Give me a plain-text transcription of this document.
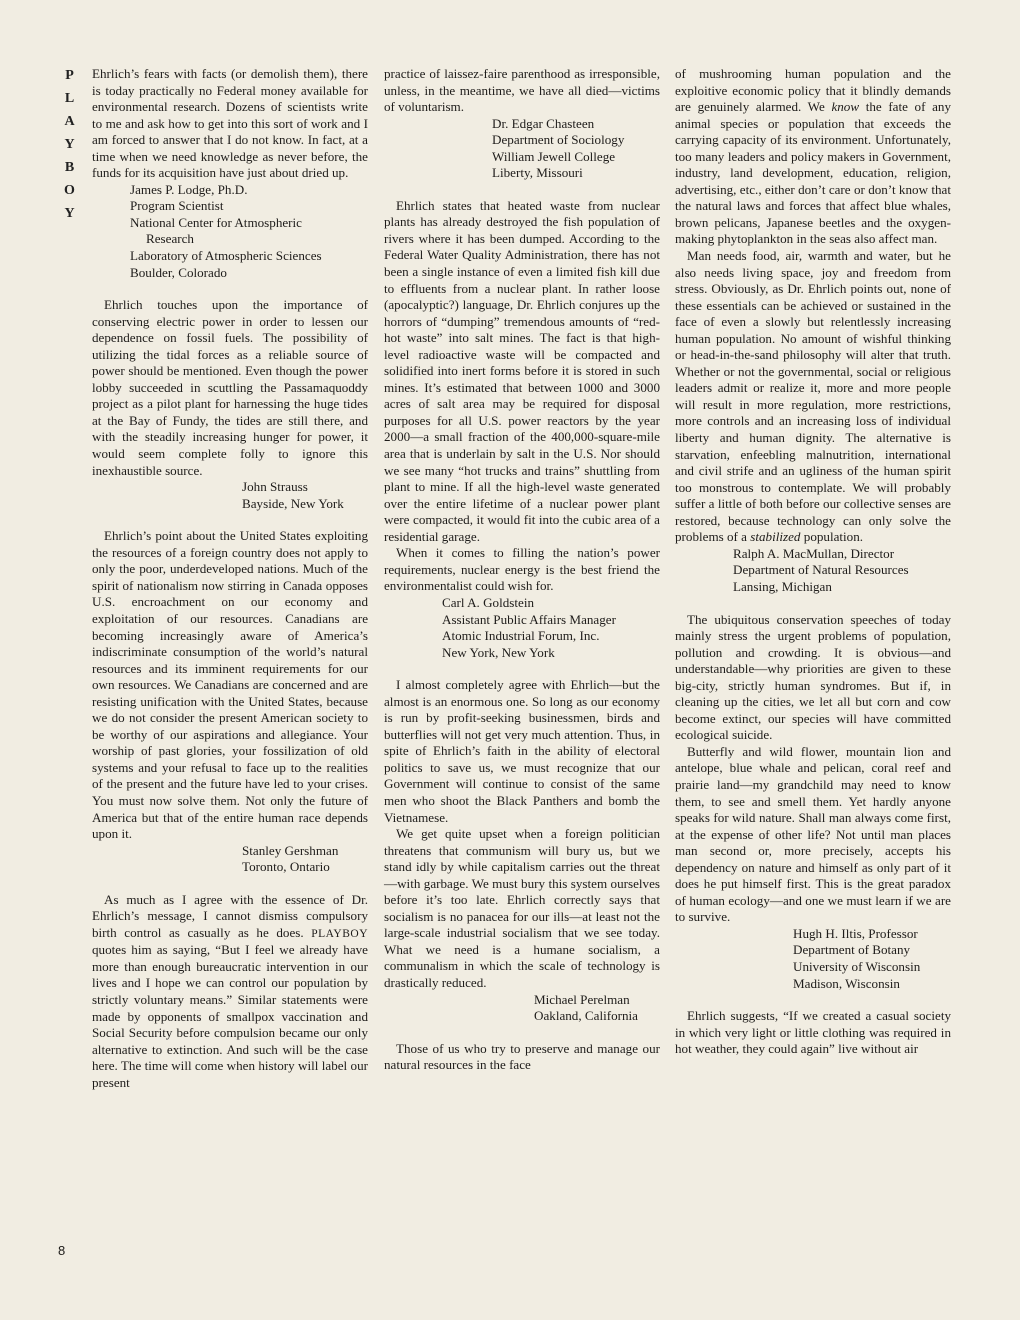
PLAYBOY
8

Ehrlich’s fears with facts (or demolish them), there is today practically no Federal money available for environmental research. Dozens of scientists write to me and ask how to get into this sort of work and I am forced to answer that I do not know. In fact, at a time when we need knowledge as never before, the funds for its acquisition have just about dried up.

James P. Lodge, Ph.D.
Program Scientist
National Center for Atmospheric
Research
Laboratory of Atmospheric Sciences
Boulder, Colorado

Ehrlich touches upon the importance of conserving electric power in order to lessen our dependence on fossil fuels. The possibility of utilizing the tidal forces as a reliable source of power should be mentioned. Even though the power lobby succeeded in scuttling the Passamaquoddy project as a pilot plant for harnessing the huge tides at the Bay of Fundy, the tides are still there, and with the steadily increasing hunger for power, it would seem complete folly to ignore this inexhaustible source.

John Strauss
Bayside, New York

Ehrlich’s point about the United States exploiting the resources of a foreign country does not apply to only the poor, underdeveloped nations. Much of the spirit of nationalism now stirring in Canada opposes U.S. encroachment on our economy and exploitation of our resources. Canadians are becoming increasingly aware of America’s indiscriminate consumption of the world’s natural resources and its imminent requirements for our own resources. We Canadians are concerned and are resisting unification with the United States, because we do not consider the present American society to be worthy of our aspirations and allegiance. Your worship of past glories, your fossilization of old systems and your refusal to face up to the realities of the present and the future have led to your crises. You must now solve them. Not only the future of America but that of the entire human race depends upon it.

Stanley Gershman
Toronto, Ontario

As much as I agree with the essence of Dr. Ehrlich’s message, I cannot dismiss compulsory birth control as casually as he does. PLAYBOY quotes him as saying, “But I feel we already have more than enough bureaucratic intervention in our lives and I hope we can control our population by strictly voluntary means.” Similar statements were made by opponents of smallpox vaccination and Social Security before compulsion became our only alternative to extinction. And such will be the case here. The time will come when history will label our present

practice of laissez-faire parenthood as irresponsible, unless, in the meantime, we have all died—victims of voluntarism.

Dr. Edgar Chasteen
Department of Sociology
William Jewell College
Liberty, Missouri

Ehrlich states that heated waste from nuclear plants has already destroyed the fish population of rivers where it has been dumped. According to the Federal Water Quality Administration, there has not been a single instance of even a limited fish kill due to effluents from a nuclear plant. In rather loose (apocalyptic?) language, Dr. Ehrlich conjures up the horrors of “dumping” tremendous amounts of “red-hot waste” into salt mines. The fact is that high-level radioactive waste will be compacted and solidified into inert forms before it is stored in such mines. It’s estimated that between 1000 and 3000 acres of salt area may be required for disposal purposes for all U.S. power reactors by the year 2000—a small fraction of the 400,000-square-mile area that is underlain by salt in the U.S. Nor should we see many “hot trucks and trains” shuttling from plant to mine. If all the high-level waste generated over the entire lifetime of a nuclear power plant were compacted, it would fit into the cubic area of a residential garage.

When it comes to filling the nation’s power requirements, nuclear energy is the best friend the environmentalist could wish for.

Carl A. Goldstein
Assistant Public Affairs Manager
Atomic Industrial Forum, Inc.
New York, New York

I almost completely agree with Ehrlich—but the almost is an enormous one. So long as our economy is run by profit-seeking businessmen, birds and butterflies will not get very much attention. Thus, in spite of Ehrlich’s faith in the ability of electoral politics to save us, we must recognize that our Government will continue to consist of the same men who shoot the Black Panthers and bomb the Vietnamese.

We get quite upset when a foreign politician threatens that communism will bury us, but we stand idly by while capitalism carries out the threat—with garbage. We must bury this system ourselves before it’s too late. Ehrlich correctly says that socialism is no panacea for our ills—at least not the large-scale industrial socialism that we see today. What we need is a humane socialism, a communalism in which the scale of technology is drastically reduced.

Michael Perelman
Oakland, California

Those of us who try to preserve and manage our natural resources in the face

of mushrooming human population and the exploitive economic policy that it blindly demands are genuinely alarmed. We know the fate of any animal species or population that exceeds the carrying capacity of its environment. Unfortunately, too many leaders and policy makers in Government, industry, land development, education, religion, advertising, etc., either don’t care or don’t know that the natural laws and forces that affect blue whales, brown pelicans, Japanese beetles and the oxygen-making phytoplankton in the seas also affect man.

Man needs food, air, warmth and water, but he also needs living space, joy and freedom from stress. Obviously, as Dr. Ehrlich points out, none of these essentials can be achieved or sustained in the face of even a slowly but relentlessly increasing human population. No amount of wishful thinking or head-in-the-sand philosophy will alter that truth. Whether or not the governmental, social or religious leaders admit or realize it, more and more people will result in more regulation, more restrictions, more controls and an increasing loss of individual liberty and human dignity. The alternative is starvation, enfeebling malnutrition, international and civil strife and an ugliness of the human spirit too monstrous to contemplate. We will probably suffer a little of both before our collective senses are restored, because technology can only solve the problems of a stabilized population.

Ralph A. MacMullan, Director
Department of Natural Resources
Lansing, Michigan

The ubiquitous conservation speeches of today mainly stress the urgent problems of population, pollution and crowding. It is obvious—and understandable—why priorities are given to these big-city, strictly human syndromes. But if, in cleaning up the cities, we let all but corn and cow become extinct, our species will have committed ecological suicide.

Butterfly and wild flower, mountain lion and antelope, blue whale and pelican, coral reef and prairie land—my grandchild may need to know them, to see and smell them. Yet hardly anyone speaks for wild nature. Shall man always come first, at the expense of other life? Not until man places man second or, more precisely, accepts his dependency on nature and himself as only part of it does he put himself first. This is the great paradox of human ecology—and one we must learn if we are to survive.

Hugh H. Iltis, Professor
Department of Botany
University of Wisconsin
Madison, Wisconsin

Ehrlich suggests, “If we created a casual society in which very light or little clothing was required in hot weather, they could again” live without air
